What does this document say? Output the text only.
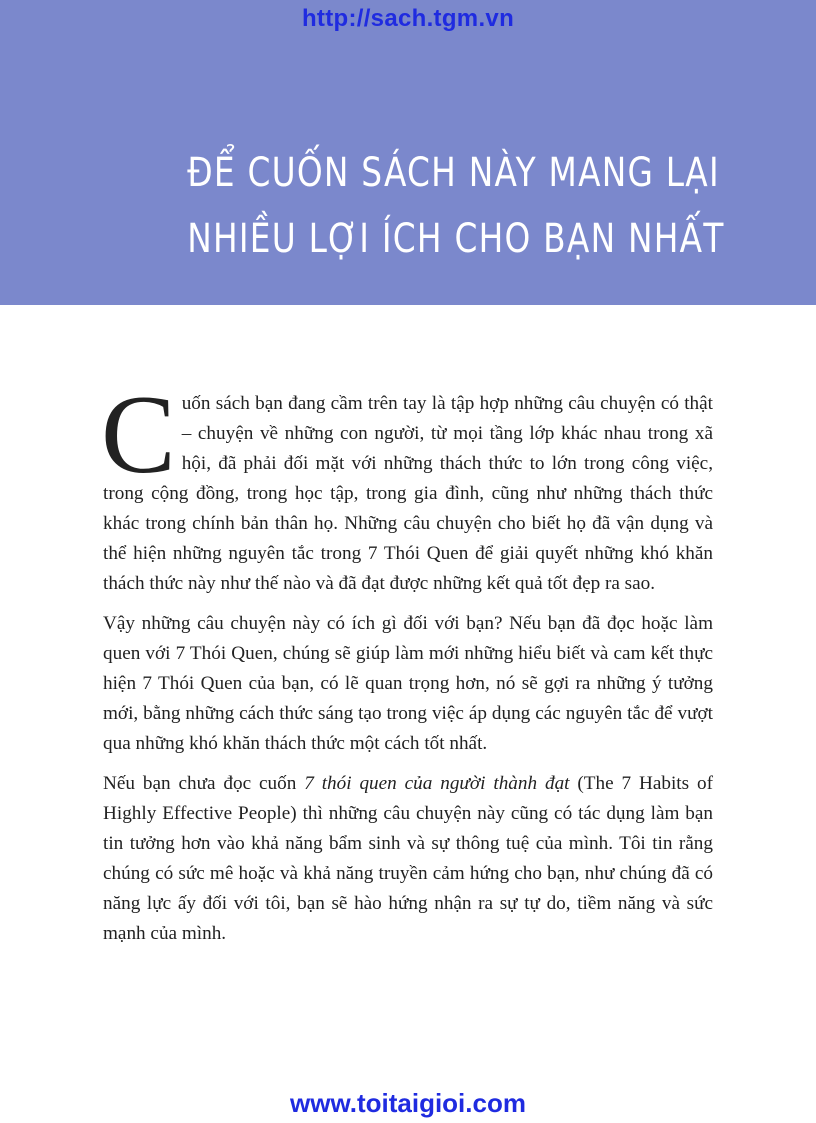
http://sach.tgm.vn
ĐỂ CUỐN SÁCH NÀY MANG LẠI
NHIỀU LỢI ÍCH CHO BẠN NHẤT

Cuốn sách bạn đang cầm trên tay là tập hợp những câu chuyện có thật – chuyện về những con người, từ mọi tầng lớp khác nhau trong xã hội, đã phải đối mặt với những thách thức to lớn trong công việc, trong cộng đồng, trong học tập, trong gia đình, cũng như những thách thức khác trong chính bản thân họ. Những câu chuyện cho biết họ đã vận dụng và thể hiện những nguyên tắc trong 7 Thói Quen để giải quyết những khó khăn thách thức này như thế nào và đã đạt được những kết quả tốt đẹp ra sao.

Vậy những câu chuyện này có ích gì đối với bạn? Nếu bạn đã đọc hoặc làm quen với 7 Thói Quen, chúng sẽ giúp làm mới những hiểu biết và cam kết thực hiện 7 Thói Quen của bạn, có lẽ quan trọng hơn, nó sẽ gợi ra những ý tưởng mới, bằng những cách thức sáng tạo trong việc áp dụng các nguyên tắc để vượt qua những khó khăn thách thức một cách tốt nhất.

Nếu bạn chưa đọc cuốn 7 thói quen của người thành đạt (The 7 Habits of Highly Effective People) thì những câu chuyện này cũng có tác dụng làm bạn tin tưởng hơn vào khả năng bẩm sinh và sự thông tuệ của mình. Tôi tin rằng chúng có sức mê hoặc và khả năng truyền cảm hứng cho bạn, như chúng đã có năng lực ấy đối với tôi, bạn sẽ hào hứng nhận ra sự tự do, tiềm năng và sức mạnh của mình.

www.toitaigioi.com
